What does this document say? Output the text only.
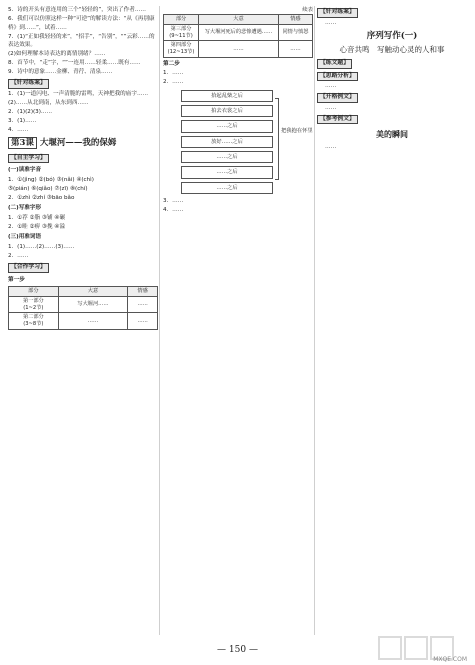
5．诗的开头有意连用的三个“轻轻的”，突出了作者……
6．我们可以仿照这样一种“可逆”的解读方法：“从《再别康桥》到……”，试着……
7．(1)“正如我轻轻的来”，“招手”，“告别”，“”云彩……的表达效果。
(2)如何理解本诗表达的离情别绪？……
8．首节中，“走”字，“”一连用……轻柔……既有……
9．诗中的意象……金柳、青荇、清泉……
【针对练案】
1．(1)一道闪电、一声清脆的雷鸣，天神把我的庙宇……
(2)……从北到南，从东到西……
2．(1)(2)(3)……
3．(1)……
4．……
第3课 大堰河——我的保姆
【自主学习】
(一)读准字音
1．①(jìng) ②(bó) ③(nǎi) ④(chì)
⑤(pián) ⑥(qiǎo) ⑦(zī) ⑧(chí)
2．①zhì ②zhí ③bāo bǎo
(二)写准字形
1．①荐 ②脂 ③铺 ④碾
2．①畦 ②痹 ③挽 ④溢
(三)用准词语
1．(1)……(2)……(3)……
2．……
【合作学习】
第一步
部分	大意	情感
第一部分
(1~2节)	写大堰河……	……
第二部分
(3~8节)	……	……
续表
部分	大意	情感
第三部分
(9~11节)	写大堰河死后的悲惨遭遇……	同情与愤怒
第四部分
(12~13节)	……	……
第二步
1．……
2．……
拾起乱柴之后
拍去衣裳之后
……之后
放好……之后
……之后
……之后
……之后
把我抱在怀里
3．……
4．……
【针对练案】
……
序列写作(一)
心音共鸣　写触动心灵的人和事
【练文题】
【思路分析】
……
【升格例文】
……
【参考例文】
美的瞬间
……
— 150 —
MXQE.COM
